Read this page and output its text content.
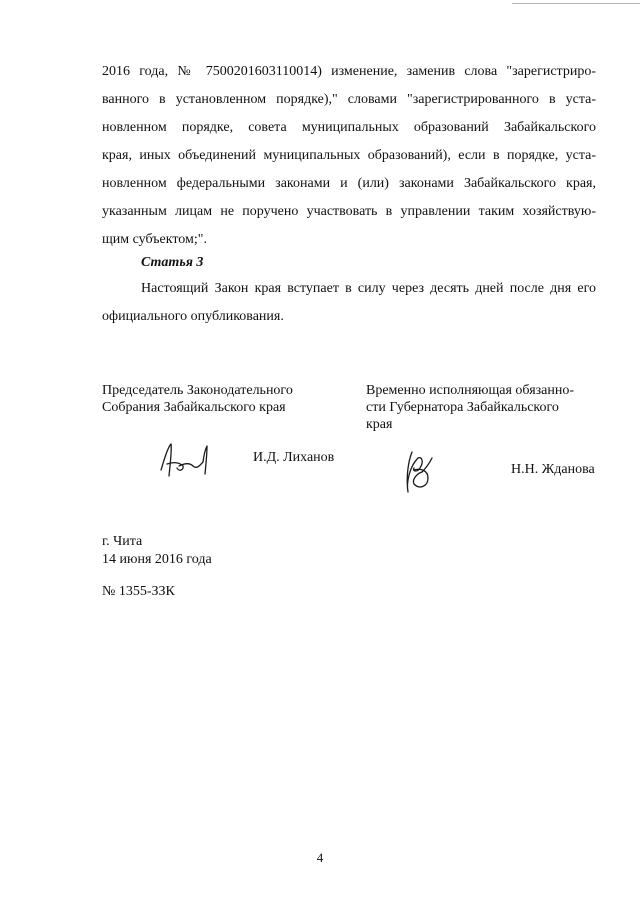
2016 года, № 7500201603110014) изменение, заменив слова "зарегистриро-
ванного в установленном порядке)," словами "зарегистрированного в уста-
новленном порядке, совета муниципальных образований Забайкальского
края, иных объединений муниципальных образований), если в порядке, уста-
новленном федеральными законами и (или) законами Забайкальского края,
указанным лицам не поручено участвовать в управлении таким хозяйствую-
щим субъектом;".
Статья 3
Настоящий Закон края вступает в силу через десять дней после дня его
официального опубликования.
Председатель Законодательного
Собрания Забайкальского края
И.Д. Лиханов
Временно исполняющая обязанно-
сти Губернатора Забайкальского
края
Н.Н. Жданова
г. Чита
14 июня 2016 года
№ 1355-ЗЗК
4
